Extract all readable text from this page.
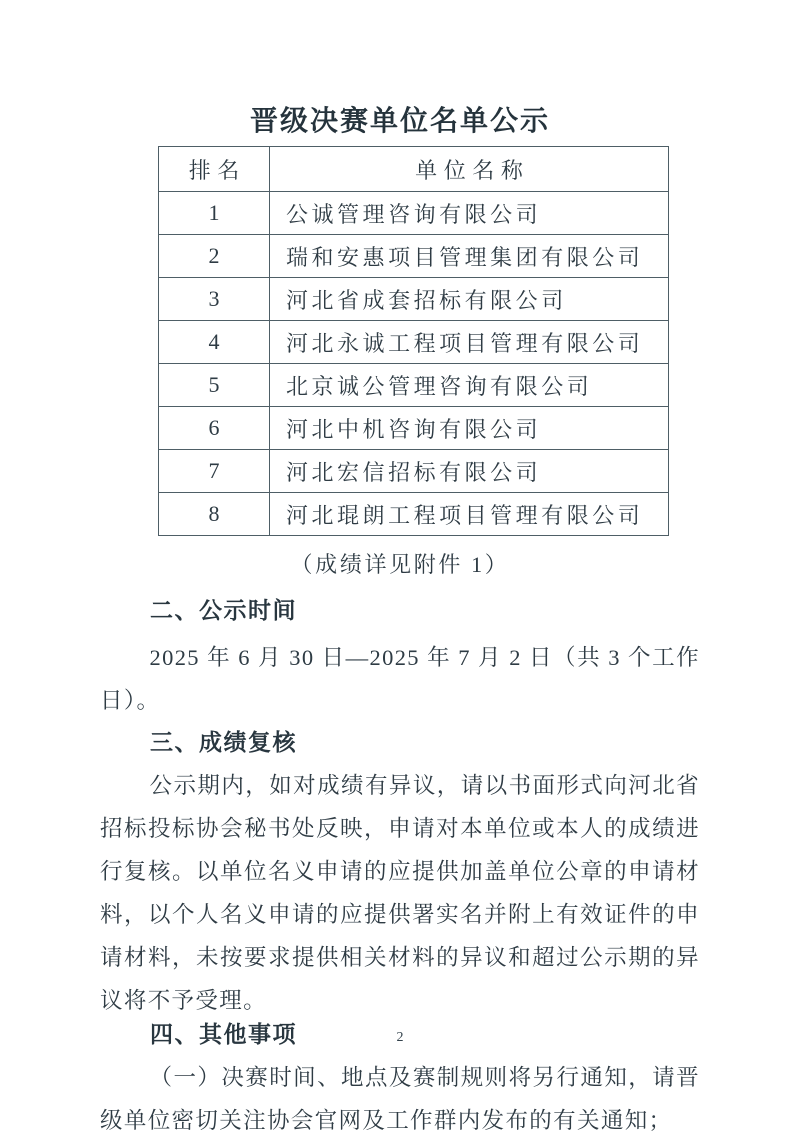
晋级决赛单位名单公示
排名	单位名称
1	公诚管理咨询有限公司
2	瑞和安惠项目管理集团有限公司
3	河北省成套招标有限公司
4	河北永诚工程项目管理有限公司
5	北京诚公管理咨询有限公司
6	河北中机咨询有限公司
7	河北宏信招标有限公司
8	河北琨朗工程项目管理有限公司
（成绩详见附件 1）
二、公示时间

2025 年 6 月 30 日—2025 年 7 月 2 日（共 3 个工作日）。

三、成绩复核

公示期内，如对成绩有异议，请以书面形式向河北省招标投标协会秘书处反映，申请对本单位或本人的成绩进行复核。以单位名义申请的应提供加盖单位公章的申请材料，以个人名义申请的应提供署实名并附上有效证件的申请材料，未按要求提供相关材料的异议和超过公示期的异议将不予受理。

四、其他事项

（一）决赛时间、地点及赛制规则将另行通知，请晋级单位密切关注协会官网及工作群内发布的有关通知；

2
